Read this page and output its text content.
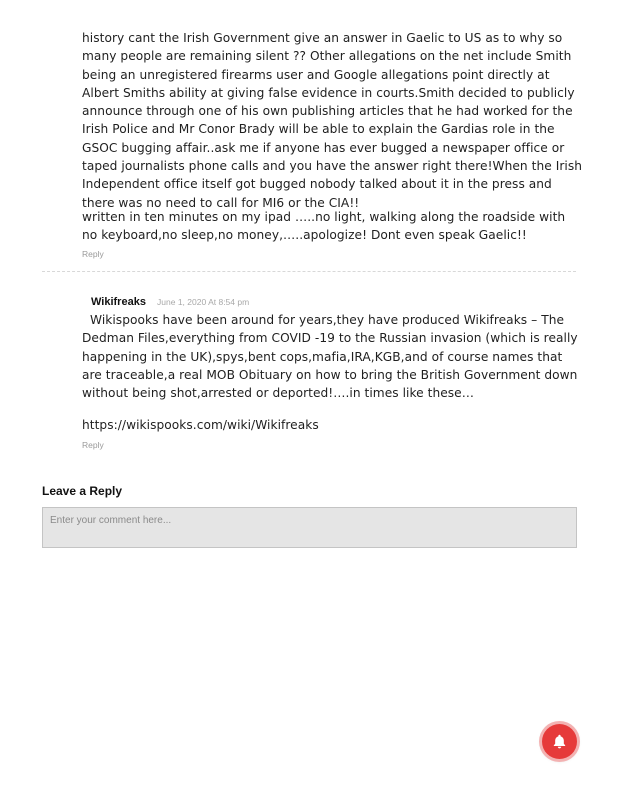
history cant the Irish Government give an answer in Gaelic to US as to why so many people are remaining silent ?? Other allegations on the net include Smith being an unregistered firearms user and Google allegations point directly at Albert Smiths ability at giving false evidence in courts.Smith decided to publicly announce through one of his own publishing articles that he had worked for the Irish Police and Mr Conor Brady will be able to explain the Gardias role in the GSOC bugging affair..ask me if anyone has ever bugged a newspaper office or taped journalists phone calls and you have the answer right there!When the Irish Independent office itself got bugged nobody talked about it in the press and there was no need to call for MI6 or the CIA!!

written in ten minutes on my ipad …..no light, walking along the roadside with no keyboard,no sleep,no money,…..apologize! Dont even speak Gaelic!!

Reply
Wikifreaks June 1, 2020 At 8:54 pm

Wikispooks have been around for years,they have produced Wikifreaks – The Dedman Files,everything from COVID -19 to the Russian invasion (which is really happening in the UK),spys,bent cops,mafia,IRA,KGB,and of course names that are traceable,a real MOB Obituary on how to bring the British Government down without being shot,arrested or deported!….in times like these…

https://wikispooks.com/wiki/Wikifreaks

Reply
Leave a Reply
Enter your comment here...
